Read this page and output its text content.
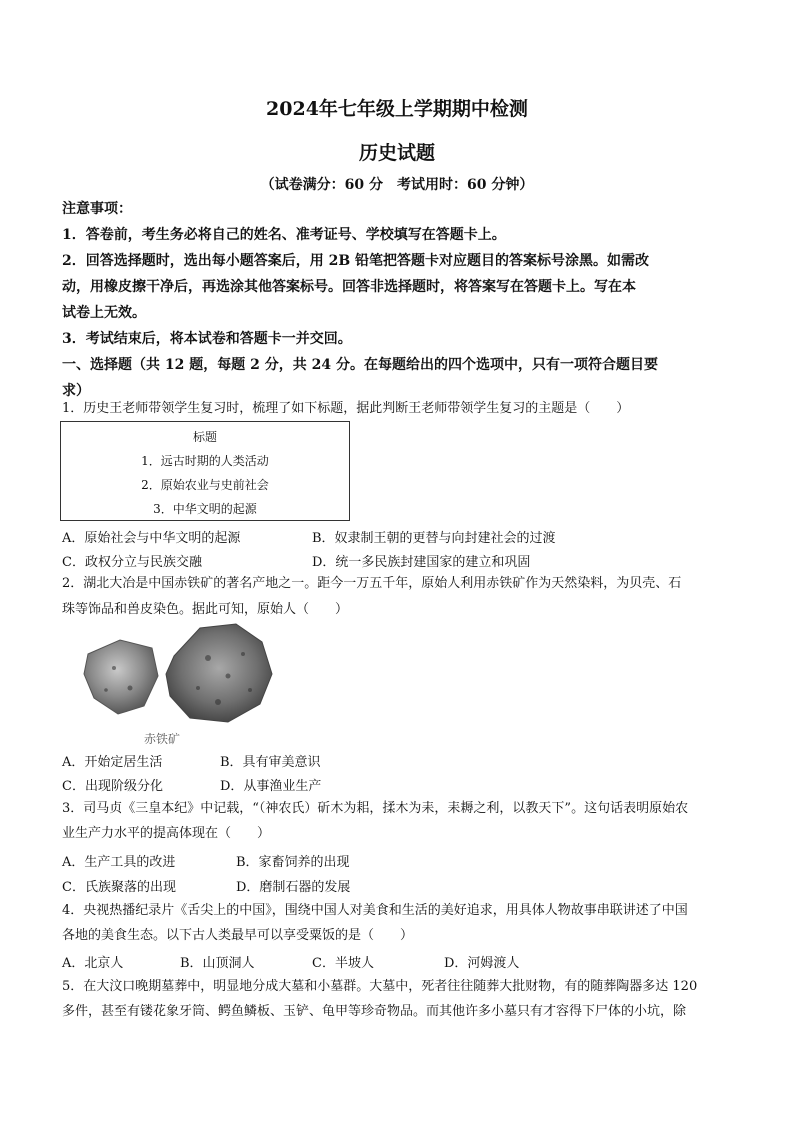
2024年七年级上学期期中检测
历史试题
（试卷满分：60 分　考试用时：60 分钟）
注意事项：
1．答卷前，考生务必将自己的姓名、准考证号、学校填写在答题卡上。
2．回答选择题时，选出每小题答案后，用 2B 铅笔把答题卡对应题目的答案标号涂黑。如需改
动，用橡皮擦干净后，再选涂其他答案标号。回答非选择题时，将答案写在答题卡上。写在本
试卷上无效。
3．考试结束后，将本试卷和答题卡一并交回。
一、选择题（共 12 题，每题 2 分，共 24 分。在每题给出的四个选项中，只有一项符合题目要
求）
1．历史王老师带领学生复习时，梳理了如下标题，据此判断王老师带领学生复习的主题是（　　）
标题
1．远古时期的人类活动
2．原始农业与史前社会
3．中华文明的起源
A．原始社会与中华文明的起源	B．奴隶制王朝的更替与向封建社会的过渡
C．政权分立与民族交融	D．统一多民族封建国家的建立和巩固
2．湖北大冶是中国赤铁矿的著名产地之一。距今一万五千年，原始人利用赤铁矿作为天然染料，为贝壳、石
珠等饰品和兽皮染色。据此可知，原始人（　　）
赤铁矿
A．开始定居生活	B．具有审美意识
C．出现阶级分化	D．从事渔业生产
3．司马贞《三皇本纪》中记载，“（神农氏）斫木为耜，揉木为耒，耒耨之利，以教天下”。这句话表明原始农
业生产力水平的提高体现在（　　）
A．生产工具的改进	B．家畜饲养的出现
C．氏族聚落的出现	D．磨制石器的发展
4．央视热播纪录片《舌尖上的中国》，围绕中国人对美食和生活的美好追求，用具体人物故事串联讲述了中国
各地的美食生态。以下古人类最早可以享受粟饭的是（　　）
A．北京人	B．山顶洞人	C．半坡人	D．河姆渡人
5．在大汶口晚期墓葬中，明显地分成大墓和小墓群。大墓中，死者往往随葬大批财物，有的随葬陶器多达 120
多件，甚至有镂花象牙筒、鳄鱼鳞板、玉铲、龟甲等珍奇物品。而其他许多小墓只有才容得下尸体的小坑，除
